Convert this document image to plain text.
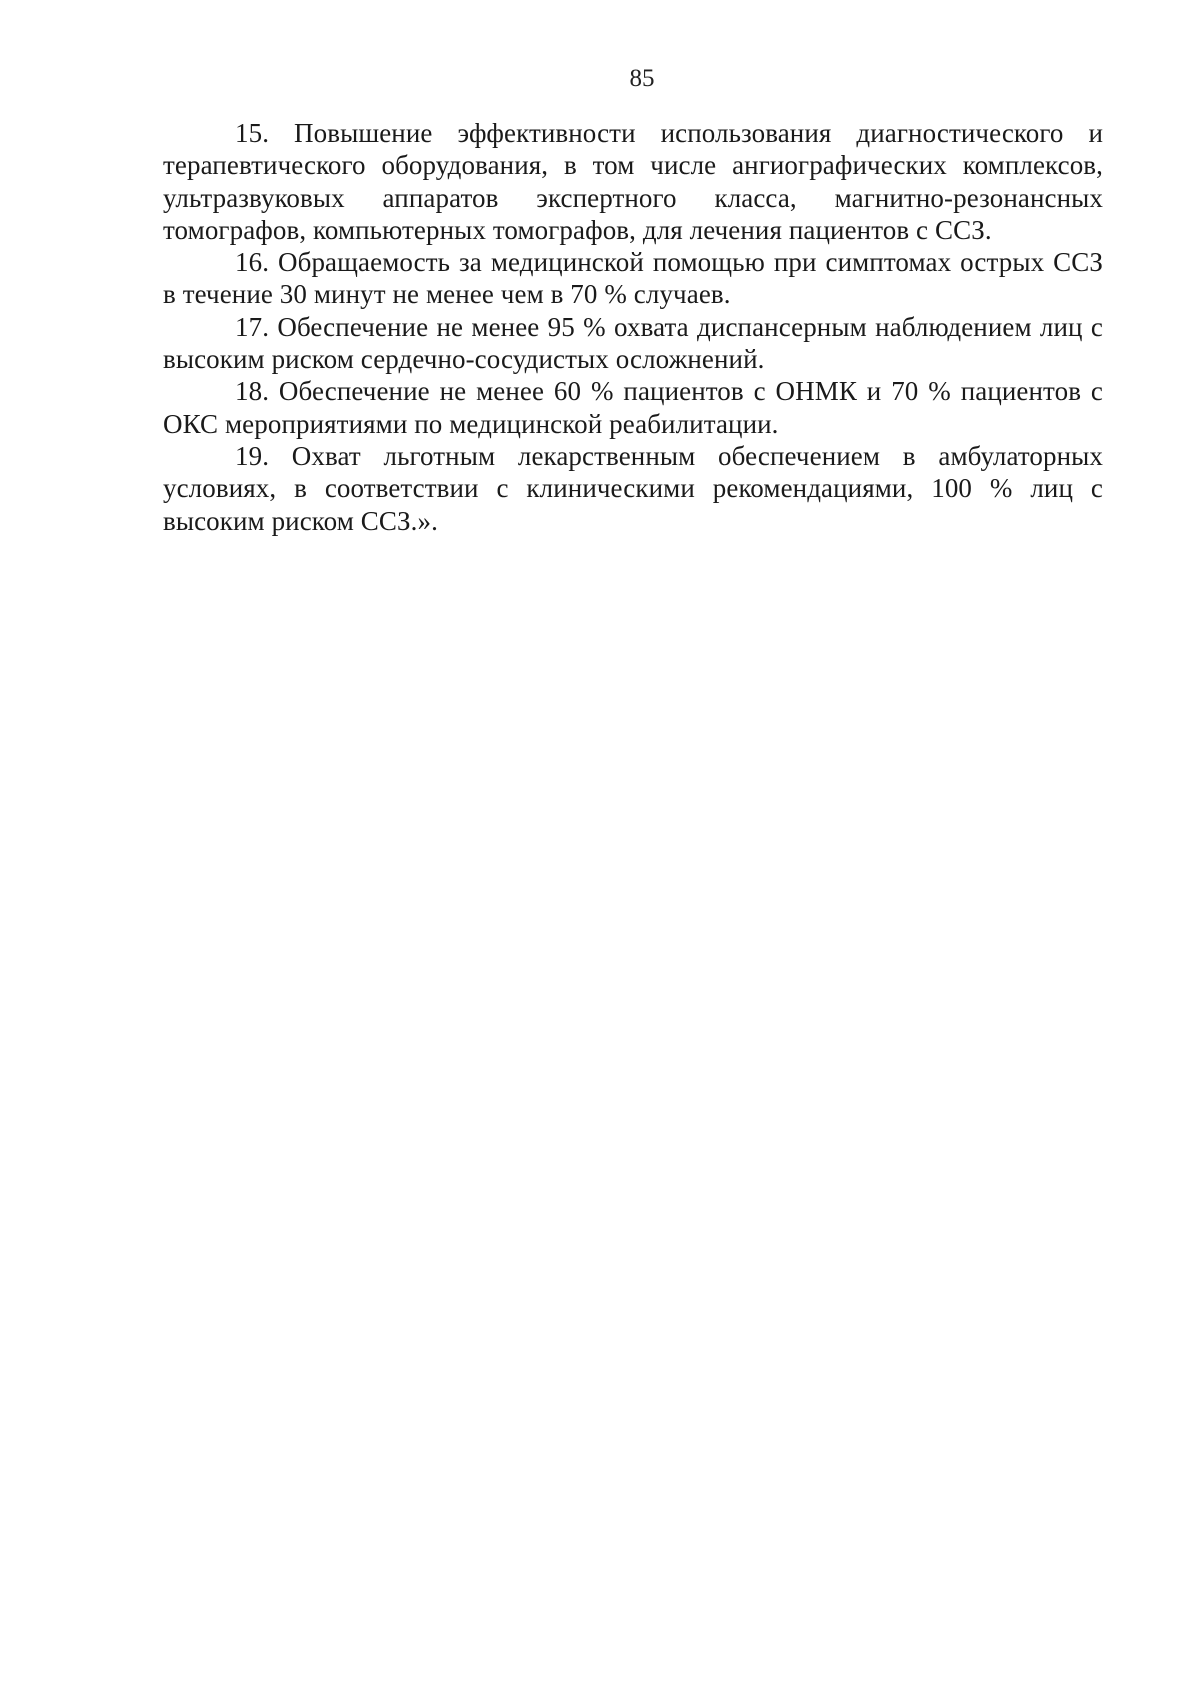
85

15. Повышение эффективности использования диагностического и терапевтического оборудования, в том числе ангиографических комплексов, ультразвуковых аппаратов экспертного класса, магнитно-резонансных томографов, компьютерных томографов, для лечения пациентов с ССЗ.

16. Обращаемость за медицинской помощью при симптомах острых ССЗ в течение 30 минут не менее чем в 70 % случаев.

17. Обеспечение не менее 95 % охвата диспансерным наблюдением лиц с высоким риском сердечно-сосудистых осложнений.

18. Обеспечение не менее 60 % пациентов с ОНМК и 70 % пациентов с ОКС мероприятиями по медицинской реабилитации.

19. Охват льготным лекарственным обеспечением в амбулаторных условиях, в соответствии с клиническими рекомендациями, 100 % лиц с высоким риском ССЗ.».
